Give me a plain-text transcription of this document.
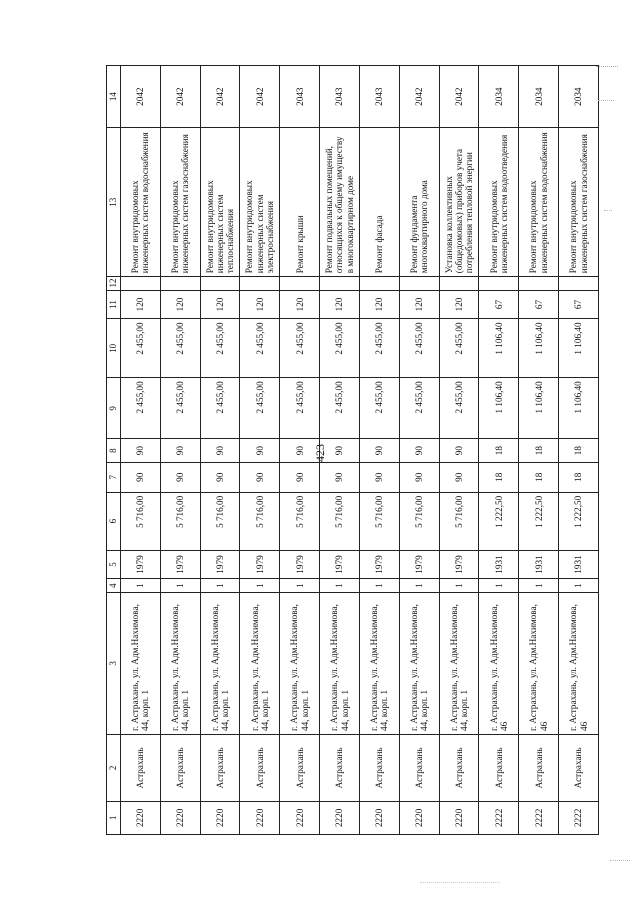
423
1	2	3	4	5	6	7	8	9	10	11	12	13	14
2220	Астрахань	г. Астрахань, ул. Адм.Нахимова, 44, корп. 1	1	1979	5 716,00	90	90	2 455,00	2 455,00	120		Ремонт внутридомовых инженерных систем водоснабжения	2042
2220	Астрахань	г. Астрахань, ул. Адм.Нахимова, 44, корп. 1	1	1979	5 716,00	90	90	2 455,00	2 455,00	120		Ремонт внутридомовых инженерных систем газоснабжения	2042
2220	Астрахань	г. Астрахань, ул. Адм.Нахимова, 44, корп. 1	1	1979	5 716,00	90	90	2 455,00	2 455,00	120		Ремонт внутридомовых инженерных систем теплоснабжения	2042
2220	Астрахань	г. Астрахань, ул. Адм.Нахимова, 44, корп. 1	1	1979	5 716,00	90	90	2 455,00	2 455,00	120		Ремонт внутридомовых инженерных систем электроснабжения	2042
2220	Астрахань	г. Астрахань, ул. Адм.Нахимова, 44, корп. 1	1	1979	5 716,00	90	90	2 455,00	2 455,00	120		Ремонт крыши	2043
2220	Астрахань	г. Астрахань, ул. Адм.Нахимова, 44, корп. 1	1	1979	5 716,00	90	90	2 455,00	2 455,00	120		Ремонт подвальных помещений, относящихся к общему имуществу в многоквартирном доме	2043
2220	Астрахань	г. Астрахань, ул. Адм.Нахимова, 44, корп. 1	1	1979	5 716,00	90	90	2 455,00	2 455,00	120		Ремонт фасада	2043
2220	Астрахань	г. Астрахань, ул. Адм.Нахимова, 44, корп. 1	1	1979	5 716,00	90	90	2 455,00	2 455,00	120		Ремонт фундамента многоквартирного дома	2042
2220	Астрахань	г. Астрахань, ул. Адм.Нахимова, 44, корп. 1	1	1979	5 716,00	90	90	2 455,00	2 455,00	120		Установка коллективных (общедомовых) приборов учета потребления тепловой энергии	2042
2222	Астрахань	г. Астрахань, ул. Адм.Нахимова, 46	1	1931	1 222,50	18	18	1 106,40	1 106,40	67		Ремонт внутридомовых инженерных систем водоотведения	2034
2222	Астрахань	г. Астрахань, ул. Адм.Нахимова, 46	1	1931	1 222,50	18	18	1 106,40	1 106,40	67		Ремонт внутридомовых инженерных систем водоснабжения	2034
2222	Астрахань	г. Астрахань, ул. Адм.Нахимова, 46	1	1931	1 222,50	18	18	1 106,40	1 106,40	67		Ремонт внутридомовых инженерных систем газоснабжения	2034
